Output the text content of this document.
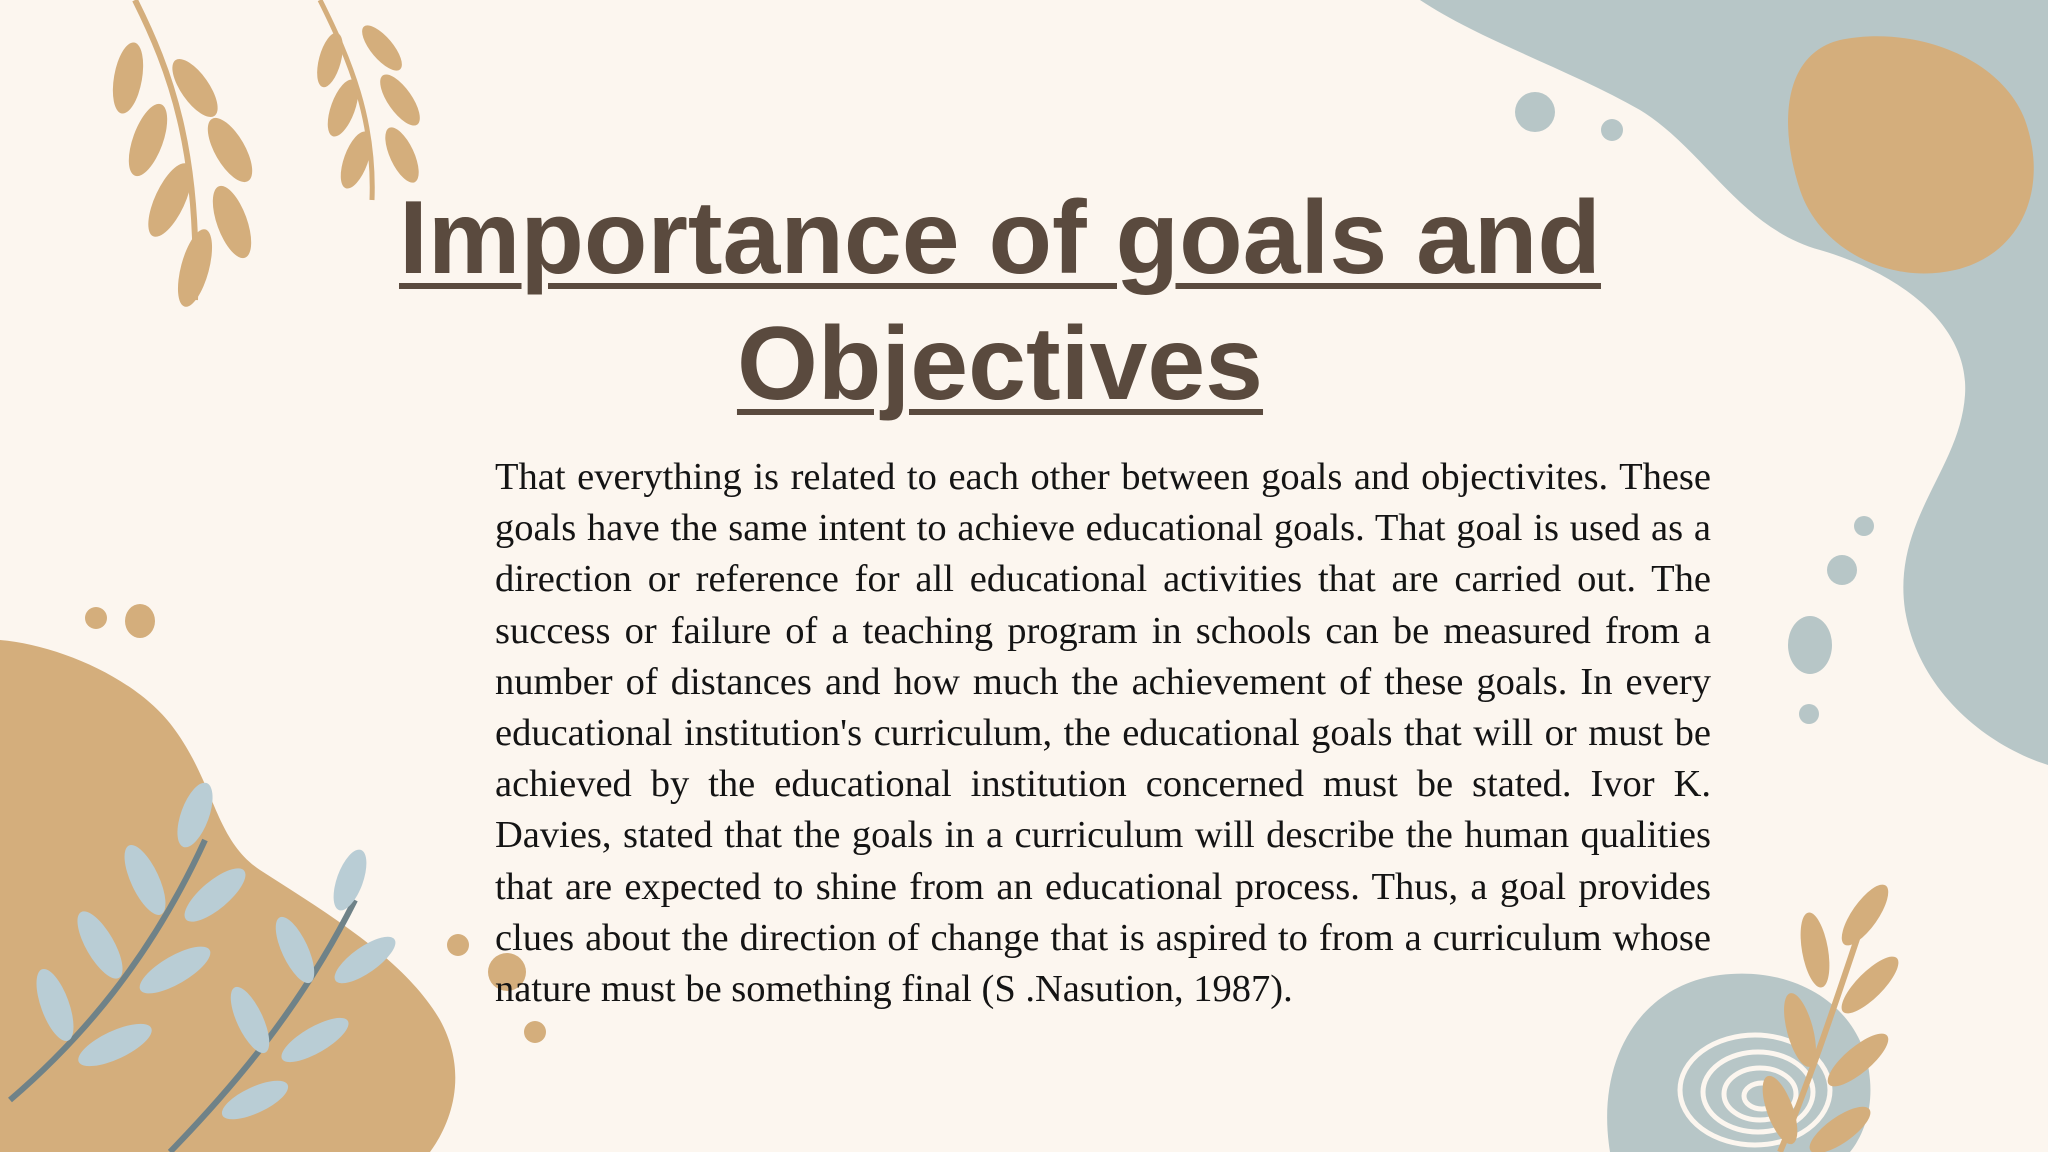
Importance of goals and
Objectives

That everything is related to each other between goals and objectivites. These goals have the same intent to achieve educational goals. That goal is used as a direction or reference for all educational activities that are carried out. The success or failure of a teaching program in schools can be measured from a number of distances and how much the achievement of these goals. In every educational institution's curriculum, the educational goals that will or must be achieved by the educational institution concerned must be stated. Ivor K. Davies, stated that the goals in a curriculum will describe the human qualities that are expected to shine from an educational process. Thus, a goal provides clues about the direction of change that is aspired to from a curriculum whose nature must be something final (S .Nasution, 1987).
